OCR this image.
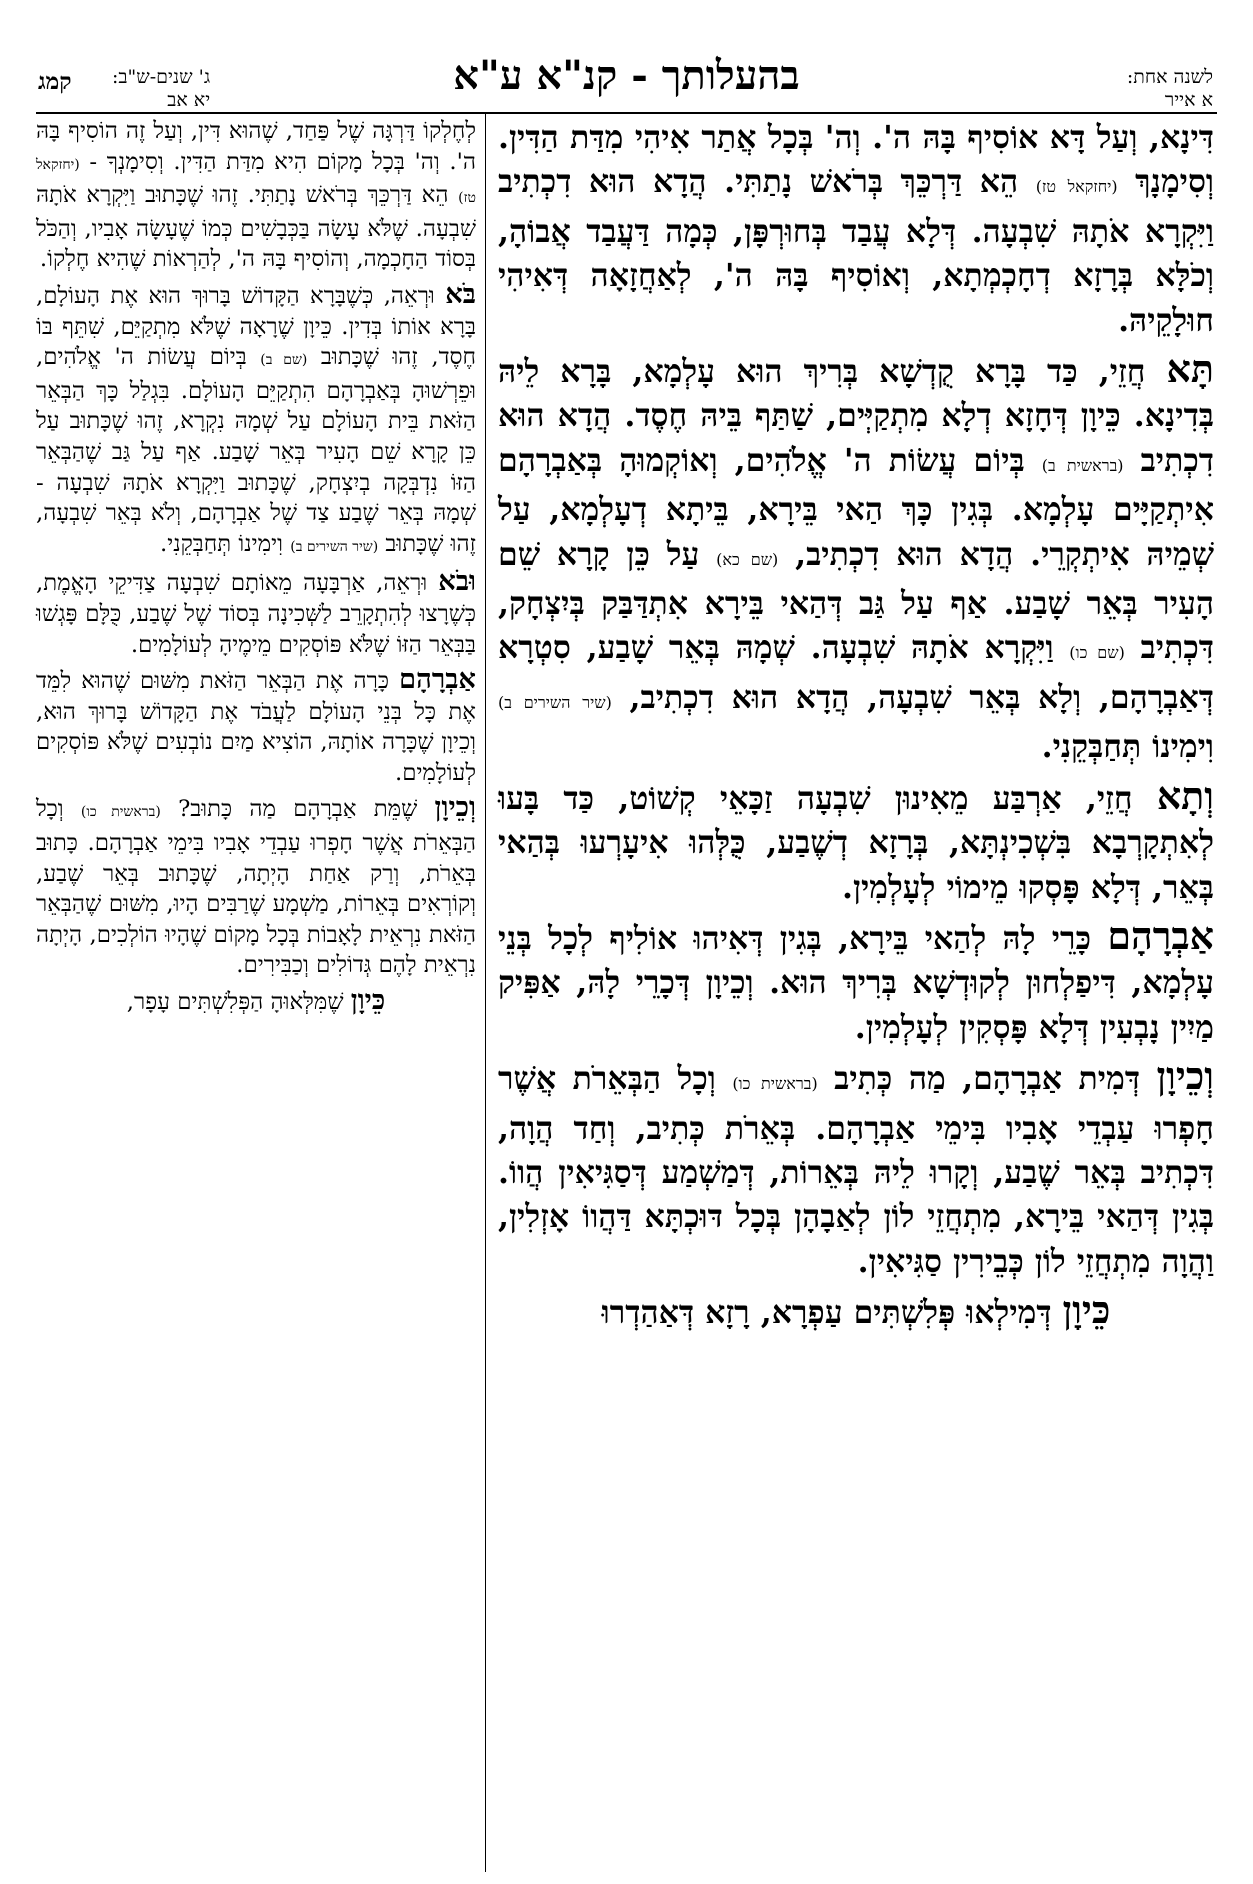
בהעלותך - קנ"א ע"א
ג' שנים-ש"ב:
יא אב
קמג	לשנה אחת:
א אייר

דִּינָא, וְעַל דָּא אוֹסִיף בָּהּ ה'. וְה' בְּכָל אֲתַר אִיהִי מִדַּת הַדִּין. וְסִימָנָךְ (יחזקאל טז) הֵא דַּרְכֵּךְ בְּרֹאשׁ נָתַתִּי. הֲדָא הוּא דִכְתִיב וַיִּקְרָא אֹתָהּ שִׁבְעָה. דְּלָא עֲבַד בְּחוּרְפָּן, כְּמָה דַּעֲבַד אֲבוֹהָ, וְכֹלָּא בְּרָזָא דְחָכְמְתָא, וְאוֹסִיף בָּהּ ה', לְאַחֲזָאָה דְּאִיהִי חוּלָקֵיהּ.

תָּא חֲזֵי, כַּד בָּרָא קֻדְשָׁא בְּרִיךְ הוּא עָלְמָא, בָּרָא לֵיהּ בְּדִינָא. כֵּיוָן דְּחָזָא דְלָא מִתְקַיְּים, שַׁתַּף בֵּיהּ חֶסֶד. הֲדָא הוּא דִכְתִיב (בראשית ב) בְּיוֹם עֲשׂוֹת ה' אֱלֹהִים, וְאוֹקְמוּהָ בְּאַבְרָהָם אִיתְקַיָּים עָלְמָא. בְּגִין כָּךְ הַאי בֵּירָא, בֵּיתָא דְעָלְמָא, עַל שְׁמֵיהּ אִיתְקְרֵי. הֲדָא הוּא דִכְתִיב, (שם כא) עַל כֵּן קָרָא שֵׁם הָעִיר בְּאֵר שָׁבַע. אַף עַל גַּב דְּהַאי בֵּירָא אִתְדַּבַּק בְּיִצְחָק, דִּכְתִיב (שם כו) וַיִּקְרָא אֹתָהּ שִׁבְעָה. שְׁמָהּ בְּאֵר שָׁבַע, סִטְרָא דְּאַבְרָהָם, וְלָא בְּאֵר שִׁבְעָה, הֲדָא הוּא דִכְתִיב, (שיר השירים ב) וִימִינוֹ תְּחַבְּקֵנִי.

וְתָא חֲזֵי, אַרְבַּע מֵאִינוּן שִׁבְעָה זַכָּאֵי קְשׁוֹט, כַּד בָּעוּ לְאִתְקָרְבָא בִּשְׁכִינְתָּא, בְּרָזָא דְשֶׁבַע, כֻּלְּהוּ אִיעָרְעוּ בְּהַאי בְּאֵר, דְּלָא פָּסְקוּ מֵימוֹי לְעָלְמִין.

אַבְרָהָם כָּרֵי לָהּ לְהַאי בֵּירָא, בְּגִין דְּאִיהוּ אוֹלִיף לְכָל בְּנֵי עָלְמָא, דִּיפַלְחוּן לְקוּדְשָׁא בְּרִיךְ הוּא. וְכֵיוָן דְּכָרֵי לָהּ, אַפִּיק מַיִין נָבְעִין דְּלָא פָּסְקִין לְעָלְמִין.

וְכֵיוָן דְּמִית אַבְרָהָם, מַה כְּתִיב (בראשית כו) וְכָל הַבְּאֵרֹת אֲשֶׁר חָפְרוּ עַבְדֵי אָבִיו בִּימֵי אַבְרָהָם. בְּאֵרֹת כְּתִיב, וְחַד הֲוָה, דִּכְתִיב בְּאֵר שֶׁבַע, וְקָרוּ לֵיהּ בְּאֵרוֹת, דְּמַשְׁמַע דְּסַגִּיאִין הֲווֹ. בְּגִין דְּהַאי בֵּירָא, מִתְחֲזֵי לוֹן לְאַבָהָן בְּכָל דּוּכְתָּא דַּהֲווֹ אָזְלִין, וַהֲוָה מִתְחֲזֵי לוֹן כְּבֵירִין סַגִּיאִין.

כֵּיוָן דְּמִילְאוּ פְּלִשְׁתִּים עַפְרָא, רָזָא דְּאַהַדְרוּ

לְחֶלְקוֹ דַּרְגָּה שֶׁל פַּחַד, שֶׁהוּא דִּין, וְעַל זֶה הוֹסִיף בָּהּ ה'. וְה' בְּכָל מָקוֹם הִיא מִדַּת הַדִּין. וְסִימָנְךָ - (יחזקאל טז) הֵא דַּרְכֵּךְ בְּרֹאשׁ נָתַתִּי. זֶהוּ שֶׁכָּתוּב וַיִּקְרָא אֹתָהּ שִׁבְעָה. שֶׁלֹּא עָשָׂה בַּכְּבָשִׁים כְּמוֹ שֶׁעָשָׂה אָבִיו, וְהַכֹּל בְּסוֹד הַחָכְמָה, וְהוֹסִיף בָּהּ ה', לְהַרְאוֹת שֶׁהִיא חֶלְקוֹ.

בֹּא וּרְאֵה, כְּשֶׁבָּרָא הַקָּדוֹשׁ בָּרוּךְ הוּא אֶת הָעוֹלָם, בָּרָא אוֹתוֹ בְּדִין. כֵּיוָן שֶׁרָאָה שֶׁלֹּא מִתְקַיֵּם, שִׁתֵּף בּוֹ חֶסֶד, זֶהוּ שֶׁכָּתוּב (שם ב) בְּיוֹם עֲשׂוֹת ה' אֱלֹהִים, וּפֵרְשׁוּהָ בְּאַבְרָהָם הִתְקַיֵּם הָעוֹלָם. בִּגְלַל כָּךְ הַבְּאֵר הַזֹּאת בֵּית הָעוֹלָם עַל שְׁמָהּ נִקְרָא, זֶהוּ שֶׁכָּתוּב עַל כֵּן קָרָא שֵׁם הָעִיר בְּאֵר שָׁבַע. אַף עַל גַּב שֶׁהַבְּאֵר הַזּוֹ נִדְבְּקָה בְיִצְחָק, שֶׁכָּתוּב וַיִּקְרָא אֹתָהּ שִׁבְעָה - שְׁמָהּ בְּאֵר שֶׁבַע צַד שֶׁל אַבְרָהָם, וְלֹא בְּאֵר שִׁבְעָה, זֶהוּ שֶׁכָּתוּב (שיר השירים ב) וִימִינוֹ תְּחַבְּקֵנִי.

וּבֹא וּרְאֵה, אַרְבָּעָה מֵאוֹתָם שִׁבְעָה צַדִּיקֵי הָאֱמֶת, כְּשֶׁרָצוּ לְהִתְקָרֵב לַשְּׁכִינָה בְּסוֹד שֶׁל שֶׁבַע, כֻּלָּם פָּגְשׁוּ בַּבְּאֵר הַזּוֹ שֶׁלֹּא פּוֹסְקִים מֵימֶיהָ לְעוֹלָמִים.

אַבְרָהָם כָּרָה אֶת הַבְּאֵר הַזֹּאת מִשּׁוּם שֶׁהוּא לִמֵּד אֶת כָּל בְּנֵי הָעוֹלָם לַעֲבֹד אֶת הַקָּדוֹשׁ בָּרוּךְ הוּא, וְכֵיוָן שֶׁכָּרָה אוֹתָהּ, הוֹצִיא מַיִם נוֹבְעִים שֶׁלֹּא פּוֹסְקִים לְעוֹלָמִים.

וְכֵיוָן שֶׁמֵּת אַבְרָהָם מַה כָּתוּב? (בראשית כו) וְכָל הַבְּאֵרֹת אֲשֶׁר חָפְרוּ עַבְדֵי אָבִיו בִּימֵי אַבְרָהָם. כָּתוּב בְּאֵרֹת, וְרַק אַחַת הָיְתָה, שֶׁכָּתוּב בְּאֵר שֶׁבַע, וְקוֹרְאִים בְּאֵרוֹת, מַשְׁמָע שֶׁרַבִּים הָיוּ, מִשּׁוּם שֶׁהַבְּאֵר הַזֹּאת נִרְאֵית לָאָבוֹת בְּכָל מָקוֹם שֶׁהָיוּ הוֹלְכִים, הָיְתָה נִרְאֵית לָהֶם גְּדוֹלִים וְכַבִּירִים.

כֵּיוָן שֶׁמִּלְּאוּהָ הַפְּלִשְׁתִּים עָפָר,
